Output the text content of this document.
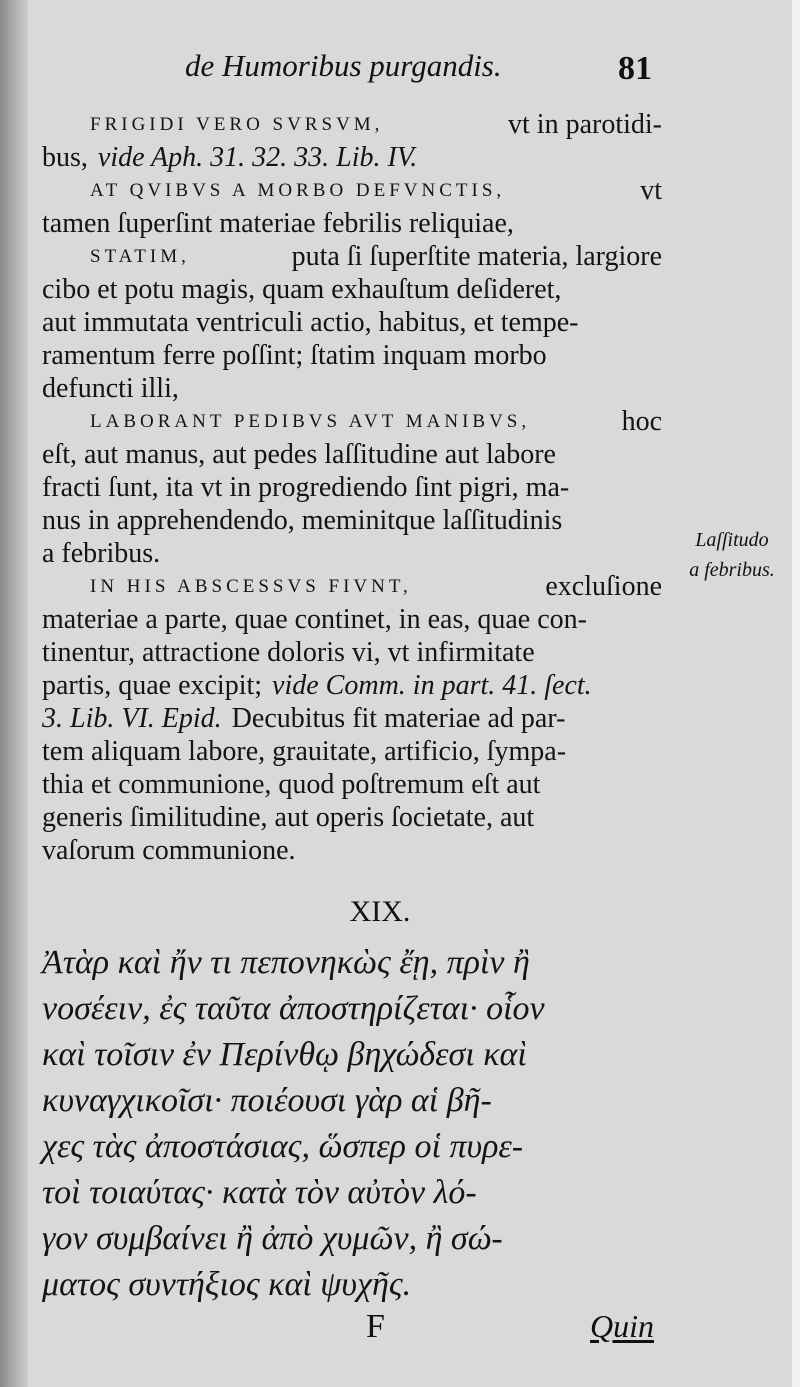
de Humoribus purgandis.	81
FRIGIDI VERO SVRSVM,	vt in parotidi-
bus, vide Aph. 31. 32. 33. Lib. IV.
AT QVIBVS A MORBO DEFVNCTIS,	vt
tamen ſuperſint materiae febrilis reliquiae,
STATIM,	puta ſi ſuperſtite materia, largiore
cibo et potu magis, quam exhauſtum deſideret,
aut immutata ventriculi actio, habitus, et tempe-
ramentum ferre poſſint; ſtatim inquam morbo
defuncti illi,
LABORANT PEDIBVS AVT MANIBVS,	hoc
eſt, aut manus, aut pedes laſſitudine aut labore
fracti ſunt, ita vt in progrediendo ſint pigri, ma-
nus in apprehendendo, meminitque laſſitudinis
a febribus.
IN HIS ABSCESSVS FIVNT,	excluſione
materiae a parte, quae continet, in eas, quae con-
tinentur, attractione doloris vi, vt infirmitate
partis, quae excipit; vide Comm. in part. 41. ſect.
3. Lib. VI. Epid. Decubitus fit materiae ad par-
tem aliquam labore, grauitate, artificio, ſympa-
thia et communione, quod poſtremum eſt aut
generis ſimilitudine, aut operis ſocietate, aut
vaſorum communione.
Laſſitudo
a febribus.
XIX.
Ἀτὰρ καὶ ἤν τι πεπονηκὼς ἔῃ, πρὶν ἢ
νοσέειν, ἐς ταῦτα ἀποστηρίζεται· οἷον
καὶ τοῖσιν ἐν Περίνθῳ βηχώδεσι καὶ
κυναγχικοῖσι· ποιέουσι γὰρ αἱ βῆ-
χες τὰς ἀποστάσιας, ὥσπερ οἱ πυρε-
τοὶ τοιαύτας· κατὰ τὸν αὐτὸν λό-
γον συμβαίνει ἢ ἀπὸ χυμῶν, ἢ σώ-
ματος συντήξιος καὶ ψυχῆς.
F	Quin
